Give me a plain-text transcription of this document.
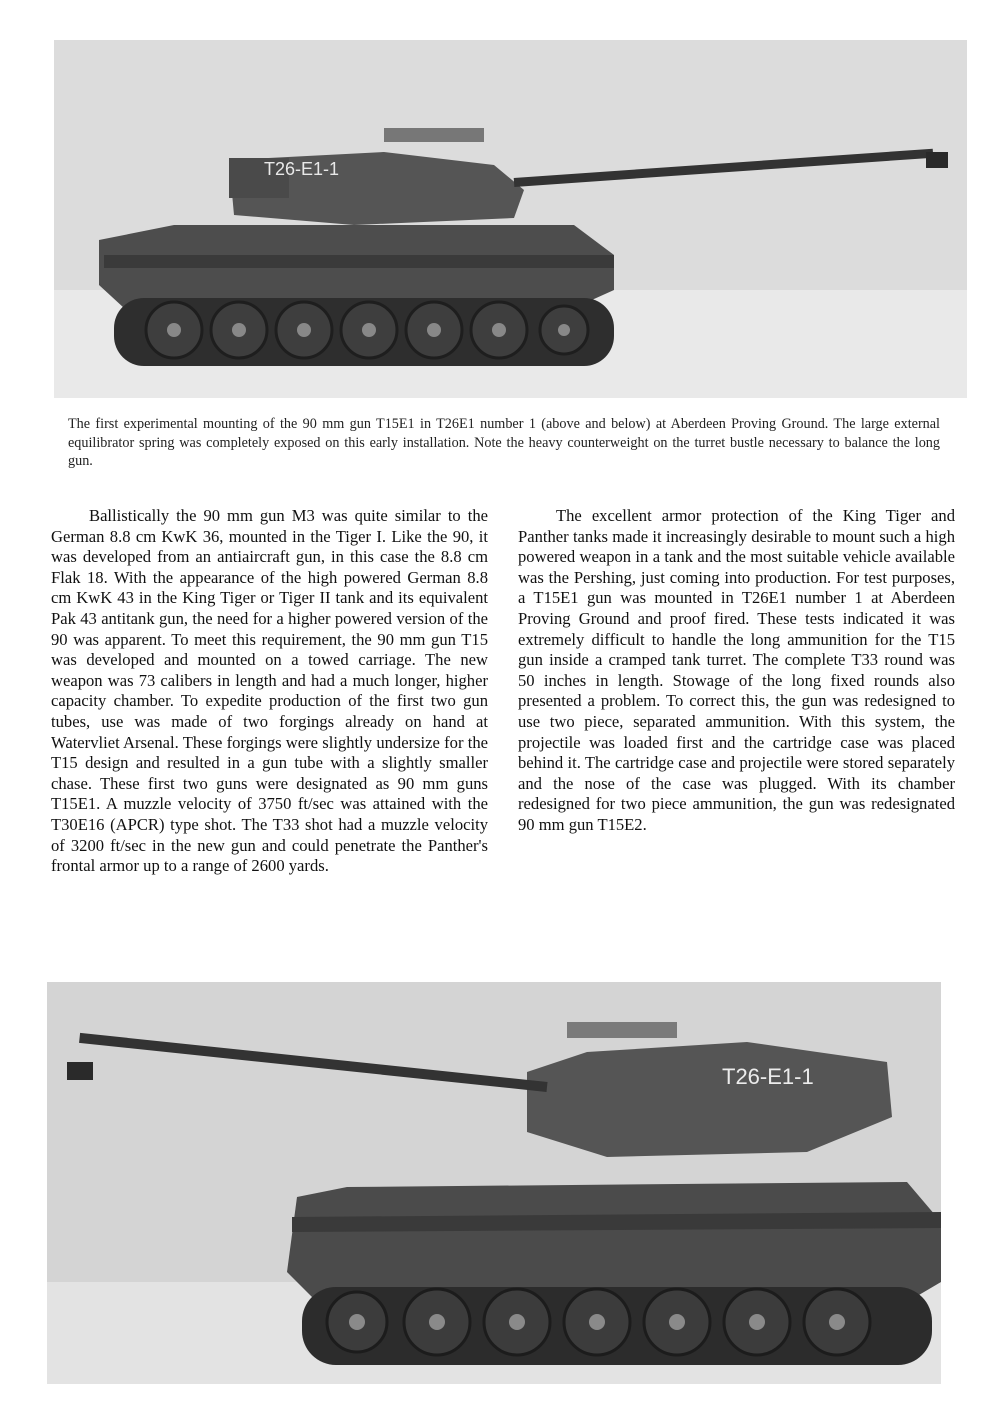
T26-E1-1
The first experimental mounting of the 90 mm gun T15E1 in T26E1 number 1 (above and below) at Aberdeen Proving Ground. The large external equilibrator spring was completely exposed on this early installation. Note the heavy counterweight on the turret bustle necessary to balance the long gun.

Ballistically the 90 mm gun M3 was quite similar to the German 8.8 cm KwK 36, mounted in the Tiger I. Like the 90, it was developed from an antiaircraft gun, in this case the 8.8 cm Flak 18. With the appearance of the high powered German 8.8 cm KwK 43 in the King Tiger or Tiger II tank and its equivalent Pak 43 antitank gun, the need for a higher powered version of the 90 was apparent. To meet this requirement, the 90 mm gun T15 was developed and mounted on a towed carriage. The new weapon was 73 calibers in length and had a much longer, higher capacity chamber. To expedite production of the first two gun tubes, use was made of two forgings already on hand at Watervliet Arsenal. These forgings were slightly undersize for the T15 design and resulted in a gun tube with a slightly smaller chase. These first two guns were designated as 90 mm guns T15E1. A muzzle velocity of 3750 ft/sec was attained with the T30E16 (APCR) type shot. The T33 shot had a muzzle velocity of 3200 ft/sec in the new gun and could penetrate the Panther's frontal armor up to a range of 2600 yards.

The excellent armor protection of the King Tiger and Panther tanks made it increasingly desirable to mount such a high powered weapon in a tank and the most suitable vehicle available was the Pershing, just coming into production. For test purposes, a T15E1 gun was mounted in T26E1 number 1 at Aberdeen Proving Ground and proof fired. These tests indicated it was extremely difficult to handle the long ammunition for the T15 gun inside a cramped tank turret. The complete T33 round was 50 inches in length. Stowage of the long fixed rounds also presented a problem. To correct this, the gun was redesigned to use two piece, separated ammunition. With this system, the projectile was loaded first and the cartridge case was placed behind it. The cartridge case and projectile were stored separately and the nose of the case was plugged. With its chamber redesigned for two piece ammunition, the gun was redesignated 90 mm gun T15E2.

T26-E1-1
